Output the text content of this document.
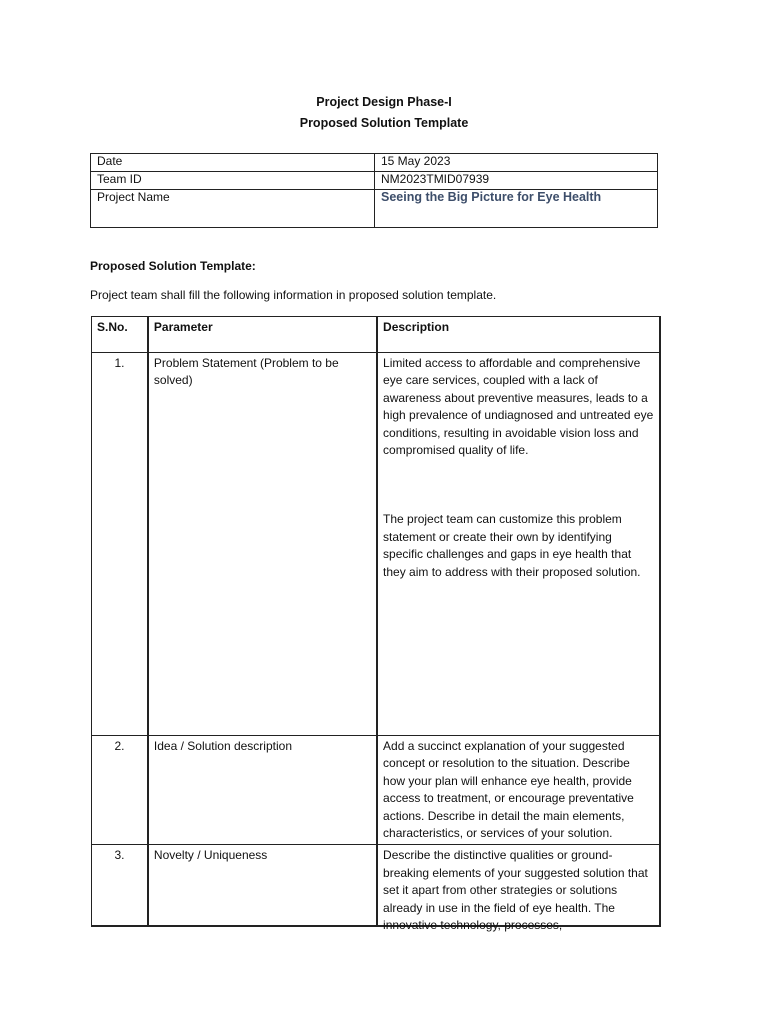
Project Design Phase-I
Proposed Solution Template
Date	15 May 2023
Team ID	NM2023TMID07939
Project Name	Seeing the Big Picture for Eye Health
Proposed Solution Template:
Project team shall fill the following information in proposed solution template.
S.No.	Parameter	Description
1.	Problem Statement (Problem to be solved)	Limited access to affordable and comprehensive eye care services, coupled with a lack of awareness about preventive measures, leads to a high prevalence of undiagnosed and untreated eye conditions, resulting in avoidable vision loss and compromised quality of life.
The project team can customize this problem statement or create their own by identifying specific challenges and gaps in eye health that they aim to address with their proposed solution.

2.	Idea / Solution description	Add a succinct explanation of your suggested concept or resolution to the situation. Describe how your plan will enhance eye health, provide access to treatment, or encourage preventative actions. Describe in detail the main elements, characteristics, or services of your solution.
3.	Novelty / Uniqueness	Describe the distinctive qualities or ground-breaking elements of your suggested solution that set it apart from other strategies or solutions already in use in the field of eye health. The innovative technology, processes,
